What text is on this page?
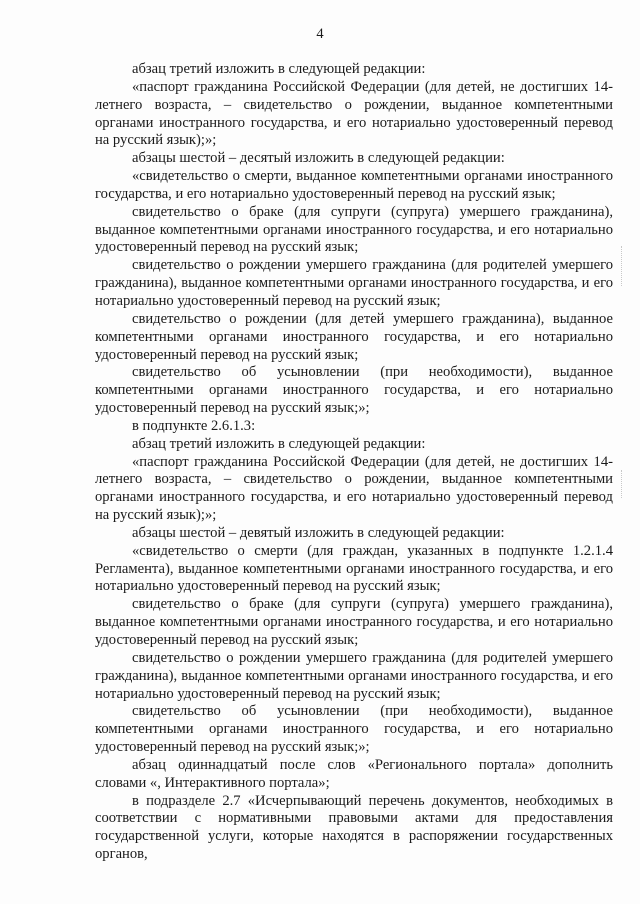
4

абзац третий изложить в следующей редакции:

«паспорт гражданина Российской Федерации (для детей, не достигших 14-летнего возраста, – свидетельство о рождении, выданное компетентными органами иностранного государства, и его нотариально удостоверенный перевод на русский язык);»;

абзацы шестой – десятый изложить в следующей редакции:

«свидетельство о смерти, выданное компетентными органами иностранного государства, и его нотариально удостоверенный перевод на русский язык;

свидетельство о браке (для супруги (супруга) умершего гражданина), выданное компетентными органами иностранного государства, и его нотариально удостоверенный перевод на русский язык;

свидетельство о рождении умершего гражданина (для родителей умершего гражданина), выданное компетентными органами иностранного государства, и его нотариально удостоверенный перевод на русский язык;

свидетельство о рождении (для детей умершего гражданина), выданное компетентными органами иностранного государства, и его нотариально удостоверенный перевод на русский язык;

свидетельство об усыновлении (при необходимости), выданное компетентными органами иностранного государства, и его нотариально удостоверенный перевод на русский язык;»;

в подпункте 2.6.1.3:

абзац третий изложить в следующей редакции:

«паспорт гражданина Российской Федерации (для детей, не достигших 14-летнего возраста, – свидетельство о рождении, выданное компетентными органами иностранного государства, и его нотариально удостоверенный перевод на русский язык);»;

абзацы шестой – девятый изложить в следующей редакции:

«свидетельство о смерти (для граждан, указанных в подпункте 1.2.1.4 Регламента), выданное компетентными органами иностранного государства, и его нотариально удостоверенный перевод на русский язык;

свидетельство о браке (для супруги (супруга) умершего гражданина), выданное компетентными органами иностранного государства, и его нотариально удостоверенный перевод на русский язык;

свидетельство о рождении умершего гражданина (для родителей умершего гражданина), выданное компетентными органами иностранного государства, и его нотариально удостоверенный перевод на русский язык;

свидетельство об усыновлении (при необходимости), выданное компетентными органами иностранного государства, и его нотариально удостоверенный перевод на русский язык;»;

абзац одиннадцатый после слов «Регионального портала» дополнить словами «, Интерактивного портала»;

в подразделе 2.7 «Исчерпывающий перечень документов, необходимых в соответствии с нормативными правовыми актами для предоставления государственной услуги, которые находятся в распоряжении государственных органов,
